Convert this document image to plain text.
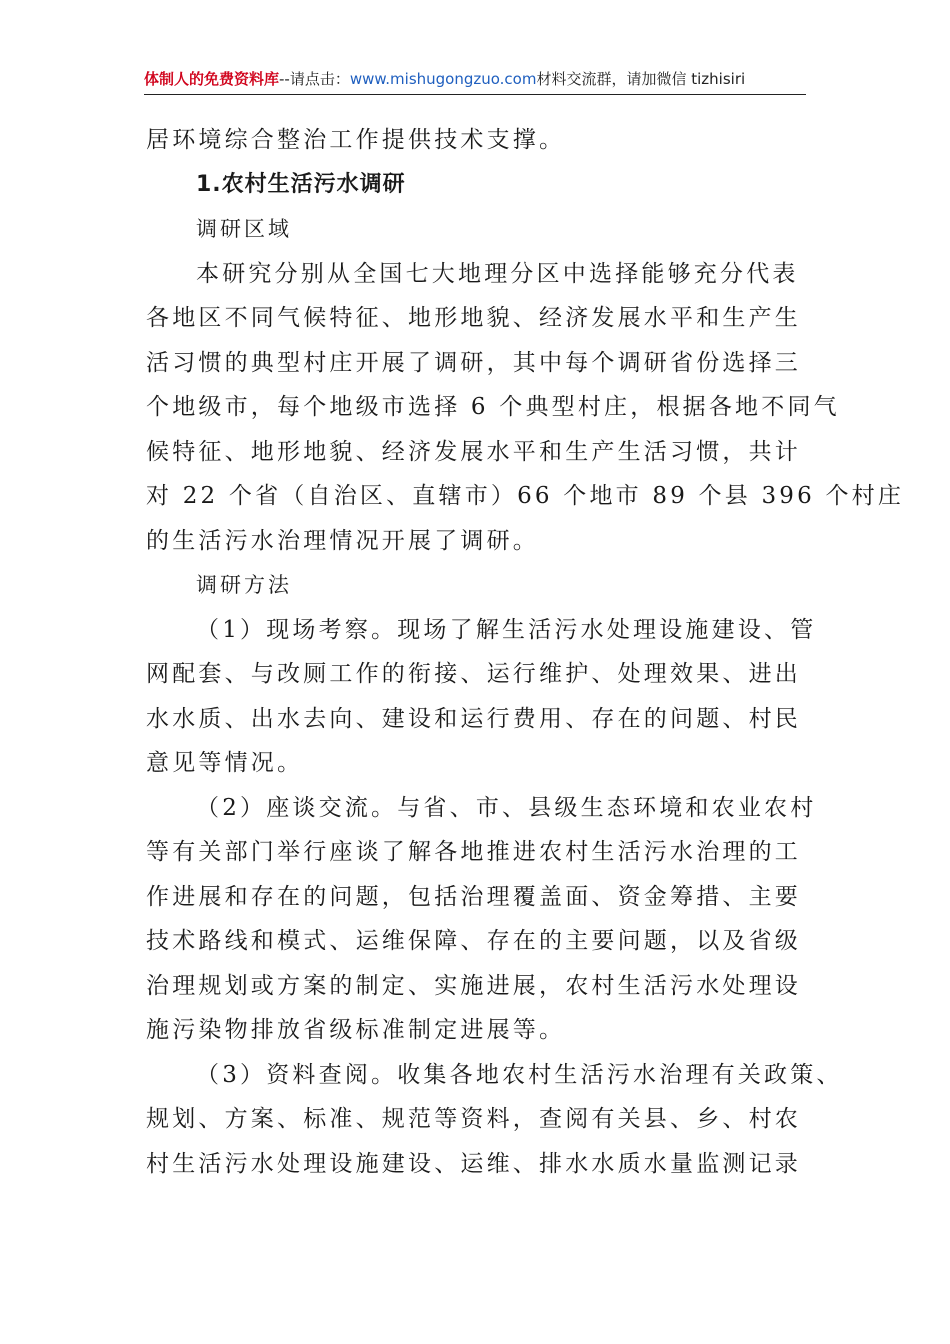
体制人的免费资料库--请点击：www.mishugongzuo.com材料交流群，请加微信 tizhisiri
居环境综合整治工作提供技术支撑。
1.农村生活污水调研
调研区域
本研究分别从全国七大地理分区中选择能够充分代表
各地区不同气候特征、地形地貌、经济发展水平和生产生
活习惯的典型村庄开展了调研，其中每个调研省份选择三
个地级市，每个地级市选择 6 个典型村庄，根据各地不同气
候特征、地形地貌、经济发展水平和生产生活习惯，共计
对 22 个省（自治区、直辖市）66 个地市 89 个县 396 个村庄
的生活污水治理情况开展了调研。
调研方法
（1）现场考察。现场了解生活污水处理设施建设、管
网配套、与改厕工作的衔接、运行维护、处理效果、进出
水水质、出水去向、建设和运行费用、存在的问题、村民
意见等情况。
（2）座谈交流。与省、市、县级生态环境和农业农村
等有关部门举行座谈了解各地推进农村生活污水治理的工
作进展和存在的问题，包括治理覆盖面、资金筹措、主要
技术路线和模式、运维保障、存在的主要问题，以及省级
治理规划或方案的制定、实施进展，农村生活污水处理设
施污染物排放省级标准制定进展等。
（3）资料查阅。收集各地农村生活污水治理有关政策、
规划、方案、标准、规范等资料，查阅有关县、乡、村农
村生活污水处理设施建设、运维、排水水质水量监测记录
